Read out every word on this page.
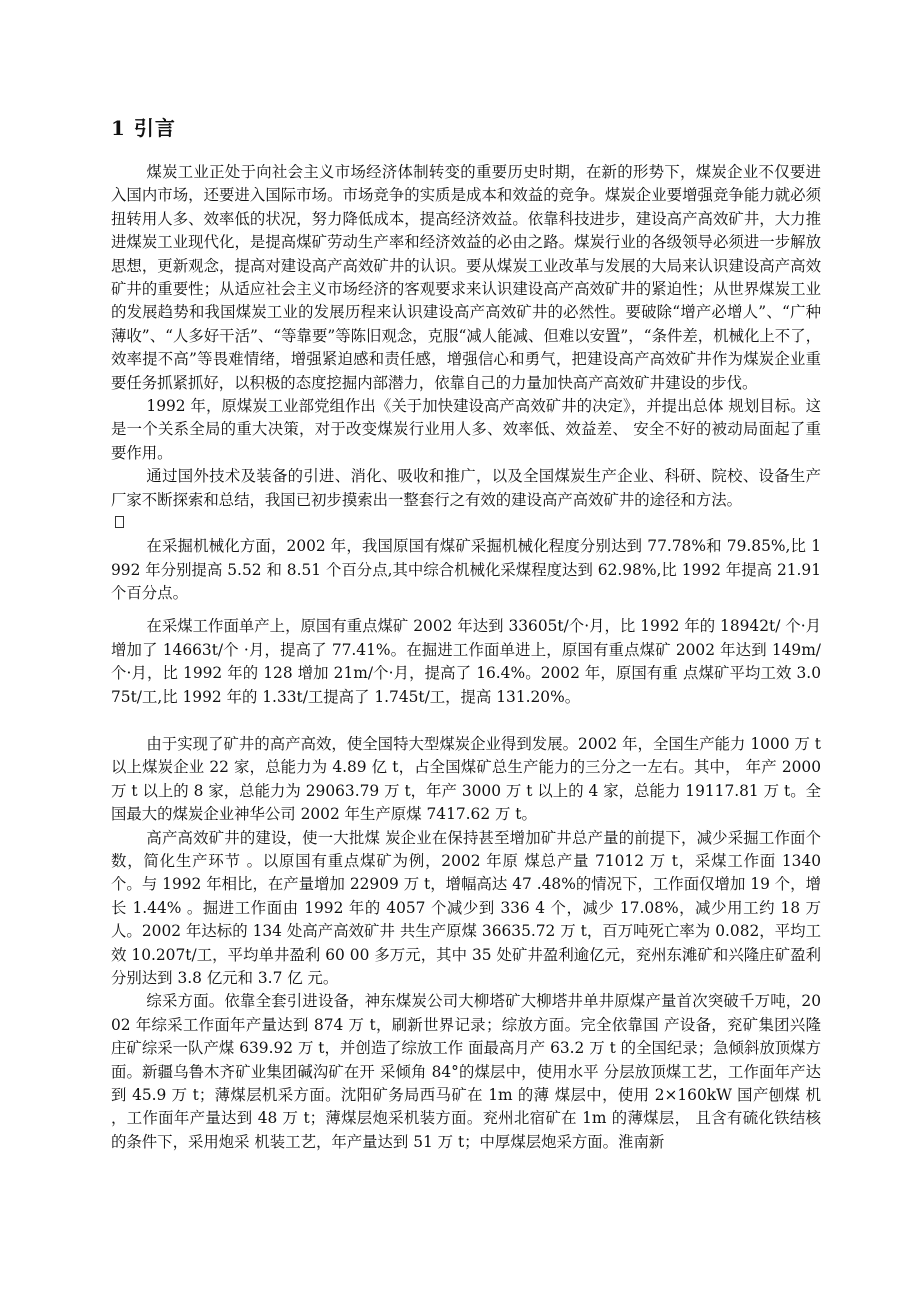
1 引言

煤炭工业正处于向社会主义市场经济体制转变的重要历史时期，在新的形势下，煤炭企业不仅要进入国内市场，还要进入国际市场。市场竞争的实质是成本和效益的竞争。煤炭企业要增强竞争能力就必须扭转用人多、效率低的状况，努力降低成本，提高经济效益。依靠科技进步，建设高产高效矿井，大力推进煤炭工业现代化，是提高煤矿劳动生产率和经济效益的必由之路。煤炭行业的各级领导必须进一步解放思想，更新观念，提高对建设高产高效矿井的认识。要从煤炭工业改革与发展的大局来认识建设高产高效矿井的重要性；从适应社会主义市场经济的客观要求来认识建设高产高效矿井的紧迫性；从世界煤炭工业的发展趋势和我国煤炭工业的发展历程来认识建设高产高效矿井的必然性。要破除“增产必增人”、“广种薄收”、“人多好干活”、“等靠要”等陈旧观念，克服“减人能减、但难以安置”，“条件差，机械化上不了，效率提不高”等畏难情绪，增强紧迫感和责任感，增强信心和勇气，把建设高产高效矿井作为煤炭企业重要任务抓紧抓好，以积极的态度挖掘内部潜力，依靠自己的力量加快高产高效矿井建设的步伐。

1992 年，原煤炭工业部党组作出《关于加快建设高产高效矿井的决定》，并提出总体 规划目标。这是一个关系全局的重大决策，对于改变煤炭行业用人多、效率低、效益差、 安全不好的被动局面起了重要作用。

通过国外技术及装备的引进、消化、吸收和推广，以及全国煤炭生产企业、科研、院校、设备生产厂家不断探索和总结，我国已初步摸索出一整套行之有效的建设高产高效矿井的途径和方法。

在采掘机械化方面，2002 年，我国原国有煤矿采掘机械化程度分别达到 77.78%和 79.85%,比 1992 年分别提高 5.52 和 8.51 个百分点,其中综合机械化采煤程度达到 62.98%,比 1992 年提高 21.91 个百分点。

在采煤工作面单产上，原国有重点煤矿 2002 年达到 33605t/个·月，比 1992 年的 18942t/ 个·月增加了 14663t/个 ·月，提高了 77.41%。在掘进工作面单进上，原国有重点煤矿 2002 年达到 149m/个·月，比 1992 年的 128 增加 21m/个·月，提高了 16.4%。2002 年，原国有重 点煤矿平均工效 3.075t/工,比 1992 年的 1.33t/工提高了 1.745t/工，提高 131.20%。

由于实现了矿井的高产高效，使全国特大型煤炭企业得到发展。2002 年，全国生产能力 1000 万 t 以上煤炭企业 22 家，总能力为 4.89 亿 t，占全国煤矿总生产能力的三分之一左右。其中， 年产 2000 万 t 以上的 8 家，总能力为 29063.79 万 t，年产 3000 万 t 以上的 4 家，总能力 19117.81 万 t。全国最大的煤炭企业神华公司 2002 年生产原煤 7417.62 万 t。

高产高效矿井的建设，使一大批煤 炭企业在保持甚至增加矿井总产量的前提下，减少采掘工作面个数，简化生产环节 。以原国有重点煤矿为例，2002 年原 煤总产量 71012 万 t，采煤工作面 1340 个。与 1992 年相比，在产量增加 22909 万 t，增幅高达 47 .48%的情况下，工作面仅增加 19 个，增长 1.44% 。掘进工作面由 1992 年的 4057 个减少到 336 4 个，减少 17.08%，减少用工约 18 万人。2002 年达标的 134 处高产高效矿井 共生产原煤 36635.72 万 t，百万吨死亡率为 0.082，平均工效 10.207t/工，平均单井盈利 60 00 多万元，其中 35 处矿井盈利逾亿元，兖州东滩矿和兴隆庄矿盈利分别达到 3.8 亿元和 3.7 亿 元。

综采方面。依靠全套引进设备，神东煤炭公司大柳塔矿大柳塔井单井原煤产量首次突破千万吨，2002 年综采工作面年产量达到 874 万 t，刷新世界记录；综放方面。完全依靠国 产设备，兖矿集团兴隆庄矿综采一队产煤 639.92 万 t，并创造了综放工作 面最高月产 63.2 万 t 的全国纪录；急倾斜放顶煤方面。新疆乌鲁木齐矿业集团碱沟矿在开 采倾角 84°的煤层中，使用水平 分层放顶煤工艺，工作面年产达到 45.9 万 t；薄煤层机采方面。沈阳矿务局西马矿在 1m 的薄 煤层中，使用 2×160kW 国产刨煤 机 ，工作面年产量达到 48 万 t；薄煤层炮采机装方面。兖州北宿矿在 1m 的薄煤层， 且含有硫化铁结核的条件下，采用炮采 机装工艺，年产量达到 51 万 t；中厚煤层炮采方面。淮南新
